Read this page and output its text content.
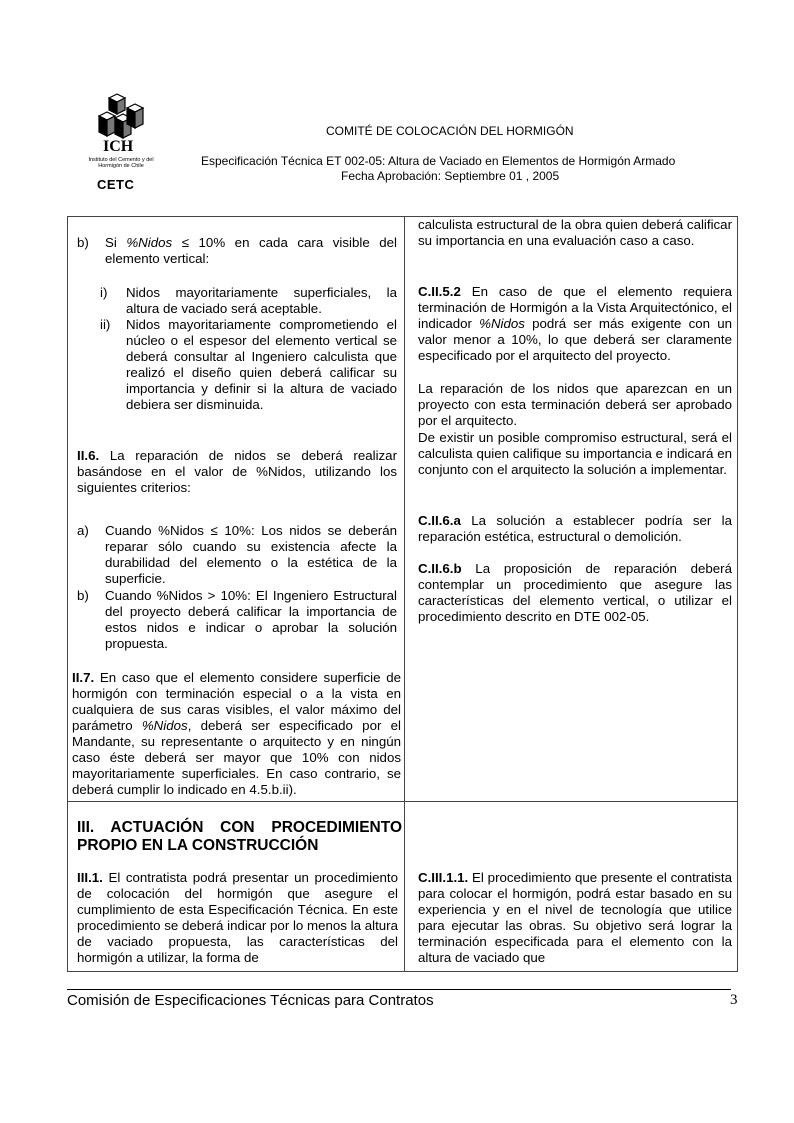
ICH
Instituto del Cemento y del Hormigón de Chile
CETC
COMITÉ DE COLOCACIÓN DEL HORMIGÓN
Especificación Técnica ET 002-05: Altura de Vaciado en Elementos de Hormigón Armado
Fecha Aprobación: Septiembre 01 , 2005
b) Si %Nidos ≤ 10% en cada cara visible del elemento vertical:
i) Nidos mayoritariamente superficiales, la altura de vaciado será aceptable.
ii) Nidos mayoritariamente comprometiendo el núcleo o el espesor del elemento vertical se deberá consultar al Ingeniero calculista que realizó el diseño quien deberá calificar su importancia y definir si la altura de vaciado debiera ser disminuida.
II.6. La reparación de nidos se deberá realizar basándose en el valor de %Nidos, utilizando los siguientes criterios:
a) Cuando %Nidos ≤ 10%: Los nidos se deberán reparar sólo cuando su existencia afecte la durabilidad del elemento o la estética de la superficie.
b) Cuando %Nidos > 10%: El Ingeniero Estructural del proyecto deberá calificar la importancia de estos nidos e indicar o aprobar la solución propuesta.
II.7. En caso que el elemento considere superficie de hormigón con terminación especial o a la vista en cualquiera de sus caras visibles, el valor máximo del parámetro %Nidos, deberá ser especificado por el Mandante, su representante o arquitecto y en ningún caso éste deberá ser mayor que 10% con nidos mayoritariamente superficiales. En caso contrario, se deberá cumplir lo indicado en 4.5.b.ii).
calculista estructural de la obra quien deberá calificar su importancia en una evaluación caso a caso.
C.II.5.2 En caso de que el elemento requiera terminación de Hormigón a la Vista Arquitectónico, el indicador %Nidos podrá ser más exigente con un valor menor a 10%, lo que deberá ser claramente especificado por el arquitecto del proyecto.
La reparación de los nidos que aparezcan en un proyecto con esta terminación deberá ser aprobado por el arquitecto.
De existir un posible compromiso estructural, será el calculista quien califique su importancia e indicará en conjunto con el arquitecto la solución a implementar.
C.II.6.a La solución a establecer podría ser la reparación estética, estructural o demolición.
C.II.6.b La proposición de reparación deberá contemplar un procedimiento que asegure las características del elemento vertical, o utilizar el procedimiento descrito en DTE 002-05.
III. ACTUACIÓN CON PROCEDIMIENTO PROPIO EN LA CONSTRUCCIÓN
III.1. El contratista podrá presentar un procedimiento de colocación del hormigón que asegure el cumplimiento de esta Especificación Técnica. En este procedimiento se deberá indicar por lo menos la altura de vaciado propuesta, las características del hormigón a utilizar, la forma de
C.III.1.1. El procedimiento que presente el contratista para colocar el hormigón, podrá estar basado en su experiencia y en el nivel de tecnología que utilice para ejecutar las obras. Su objetivo será lograr la terminación especificada para el elemento con la altura de vaciado que
Comisión de Especificaciones Técnicas para Contratos	3
